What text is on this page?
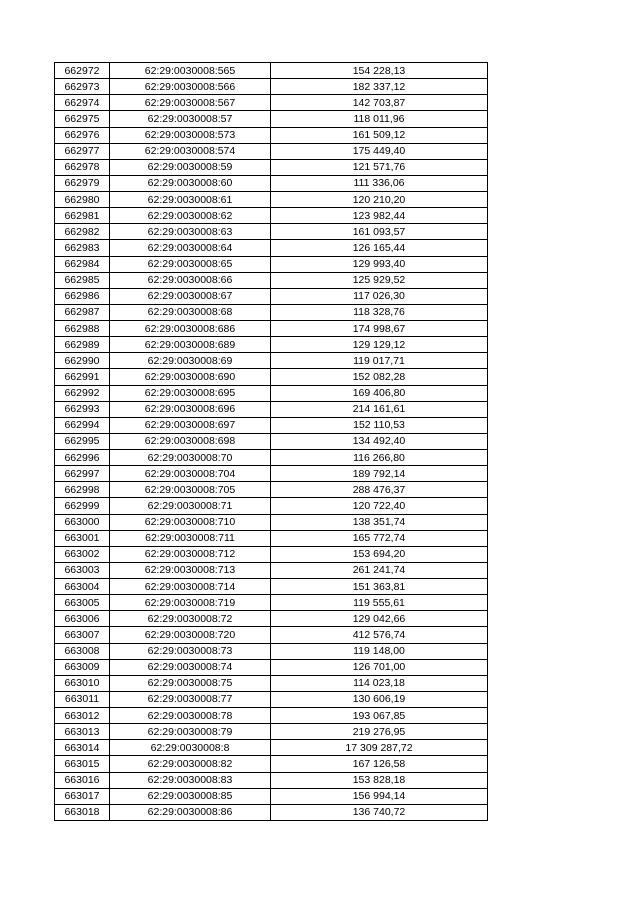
662972	62:29:0030008:565	154 228,13
662973	62:29:0030008:566	182 337,12
662974	62:29:0030008:567	142 703,87
662975	62:29:0030008:57	118 011,96
662976	62:29:0030008:573	161 509,12
662977	62:29:0030008:574	175 449,40
662978	62:29:0030008:59	121 571,76
662979	62:29:0030008:60	111 336,06
662980	62:29:0030008:61	120 210,20
662981	62:29:0030008:62	123 982,44
662982	62:29:0030008:63	161 093,57
662983	62:29:0030008:64	126 165,44
662984	62:29:0030008:65	129 993,40
662985	62:29:0030008:66	125 929,52
662986	62:29:0030008:67	117 026,30
662987	62:29:0030008:68	118 328,76
662988	62:29:0030008:686	174 998,67
662989	62:29:0030008:689	129 129,12
662990	62:29:0030008:69	119 017,71
662991	62:29:0030008:690	152 082,28
662992	62:29:0030008:695	169 406,80
662993	62:29:0030008:696	214 161,61
662994	62:29:0030008:697	152 110,53
662995	62:29:0030008:698	134 492,40
662996	62:29:0030008:70	116 266,80
662997	62:29:0030008:704	189 792,14
662998	62:29:0030008:705	288 476,37
662999	62:29:0030008:71	120 722,40
663000	62:29:0030008:710	138 351,74
663001	62:29:0030008:711	165 772,74
663002	62:29:0030008:712	153 694,20
663003	62:29:0030008:713	261 241,74
663004	62:29:0030008:714	151 363,81
663005	62:29:0030008:719	119 555,61
663006	62:29:0030008:72	129 042,66
663007	62:29:0030008:720	412 576,74
663008	62:29:0030008:73	119 148,00
663009	62:29:0030008:74	126 701,00
663010	62:29:0030008:75	114 023,18
663011	62:29:0030008:77	130 606,19
663012	62:29:0030008:78	193 067,85
663013	62:29:0030008:79	219 276,95
663014	62:29:0030008:8	17 309 287,72
663015	62:29:0030008:82	167 126,58
663016	62:29:0030008:83	153 828,18
663017	62:29:0030008:85	156 994,14
663018	62:29:0030008:86	136 740,72
